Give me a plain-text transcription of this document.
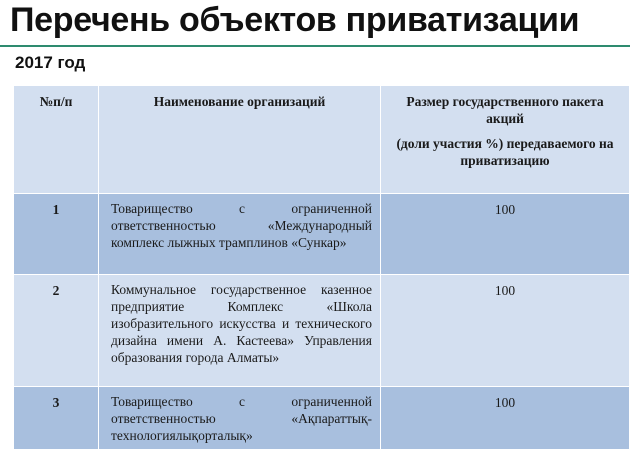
Перечень объектов приватизации
2017 год
№п/п	Наименование организаций	Размер государственного пакета акций
(доли участия %) передаваемого на приватизацию

1	Товарищество с ограниченной ответственностью «Международный комплекс лыжных трамплинов «Сункар»	100

2	Коммунальное государственное казенное предприятие Комплекс «Школа изобразительного искусства и технического дизайна имени А. Кастеева» Управления образования города Алматы»	100

3	Товарищество с ограниченной ответственностью «Ақпараттық-технологиялықорталық»	100
